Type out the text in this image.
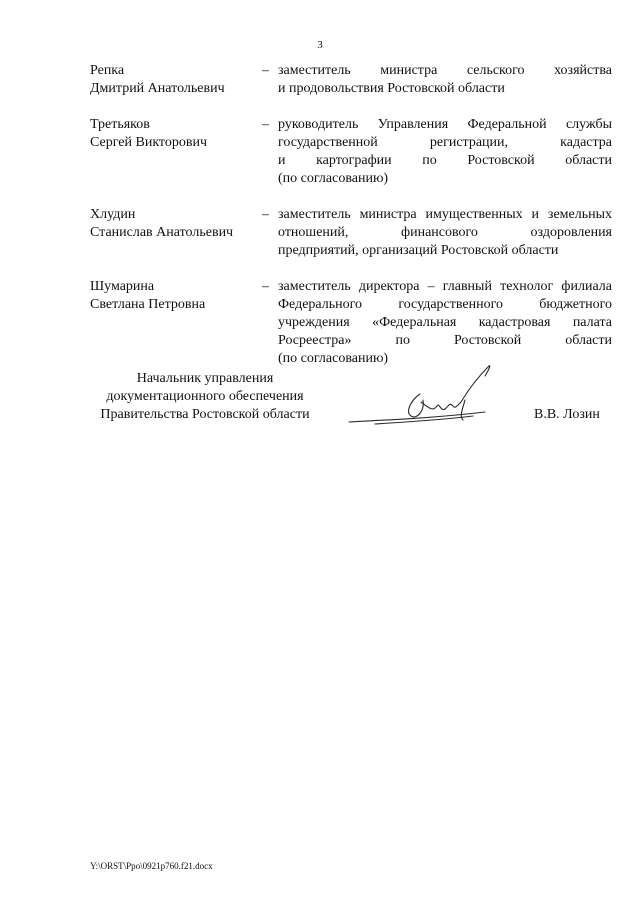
3
Репка
Дмитрий Анатольевич
– заместитель министра сельского хозяйства
и продовольствия Ростовской области
Третьяков
Сергей Викторович
– руководитель Управления Федеральной службы
государственной регистрации, кадастра
и картографии по Ростовской области
(по согласованию)
Хлудин
Станислав Анатольевич
– заместитель министра имущественных и земельных
отношений, финансового оздоровления
предприятий, организаций Ростовской области
Шумарина
Светлана Петровна
– заместитель директора – главный технолог филиала
Федерального государственного бюджетного
учреждения «Федеральная кадастровая палата
Росреестра» по Ростовской области
(по согласованию)
Начальник управления
документационного обеспечения
Правительства Ростовской области	В.В. Лозин
Y:\ORST\Ppo\0921p760.f21.docx
